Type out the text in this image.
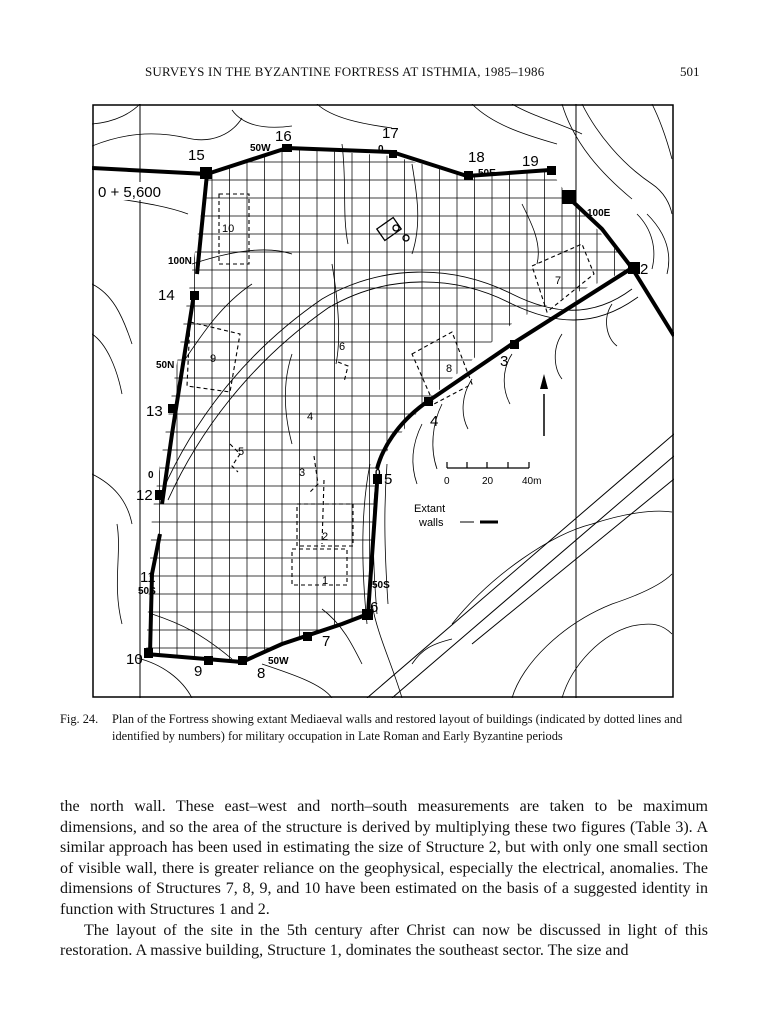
SURVEYS IN THE BYZANTINE FORTRESS AT ISTHMIA, 1985–1986	501
0	20	40m
Extant
walls
0 + 5,600
2
3
4
5
6
7
8
9
10
11
12
13
14
15
16	17
18 19
1
2
3
4
5
6
7
8
9
10
50W	0
50E
100E
100N
50N
0
50S
50S
50W
0
Fig. 24.	Plan of the Fortress showing extant Mediaeval walls and restored layout of buildings (indicated by dotted lines and identified by numbers) for military occupation in Late Roman and Early Byzantine periods

the north wall. These east–west and north–south measurements are taken to be maximum dimensions, and so the area of the structure is derived by multiplying these two figures (Table 3). A similar approach has been used in estimating the size of Structure 2, but with only one small section of visible wall, there is greater reliance on the geophysical, especially the electrical, anomalies. The dimensions of Structures 7, 8, 9, and 10 have been estimated on the basis of a suggested identity in function with Structures 1 and 2.

The layout of the site in the 5th century after Christ can now be discussed in light of this restoration. A massive building, Structure 1, dominates the southeast sector. The size and
